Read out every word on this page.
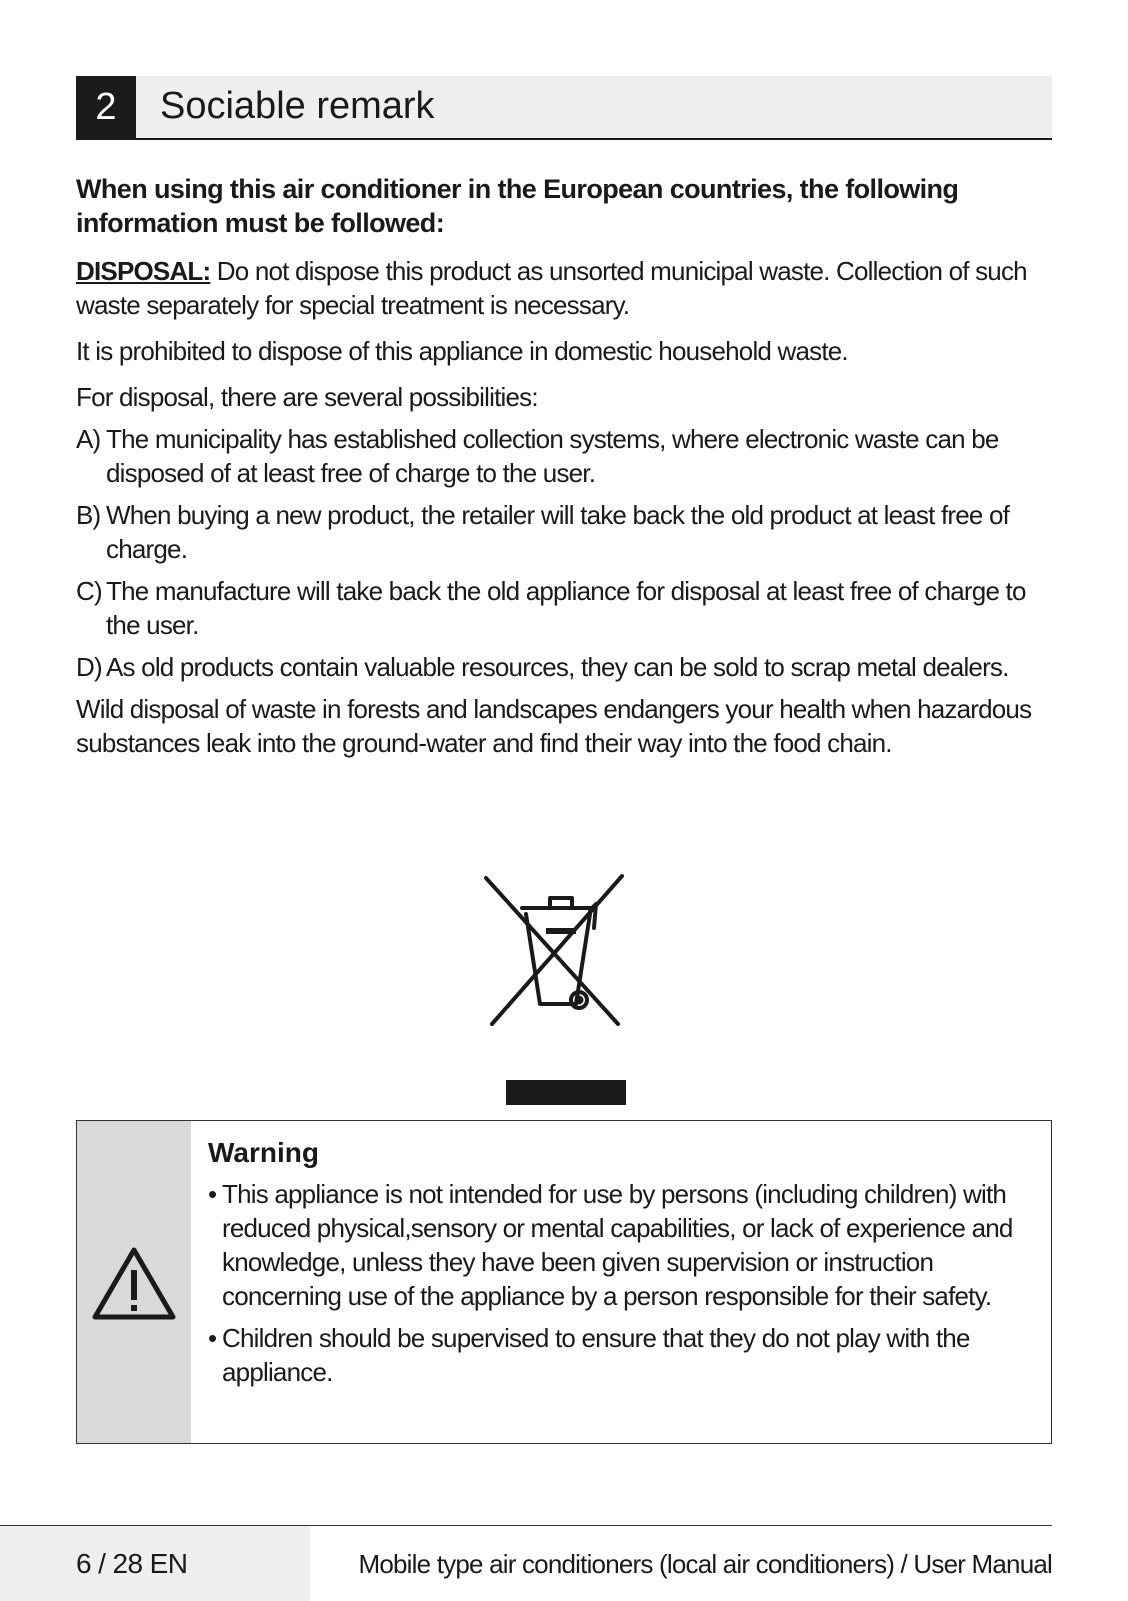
2	Sociable remark

When using this air conditioner in the European countries, the following information must be followed:

DISPOSAL: Do not dispose this product as unsorted municipal waste. Collection of such waste separately for special treatment is necessary.

It is prohibited to dispose of this appliance in domestic household waste.

For disposal, there are several possibilities:

A) The municipality has established collection systems, where electronic waste can be disposed of at least free of charge to the user.
B) When buying a new product, the retailer will take back the old product at least free of charge.
C) The manufacture will take back the old appliance for disposal at least free of charge to the user.
D) As old products contain valuable resources, they can be sold to scrap metal dealers.

Wild disposal of waste in forests and landscapes endangers your health when hazardous substances leak into the ground-water and find their way into the food chain.

Warning
• This appliance is not intended for use by persons (including children) with reduced physical,sensory or mental capabilities, or lack of experience and knowledge, unless they have been given supervision or instruction concerning use of the appliance by a person responsible for their safety.
• Children should be supervised to ensure that they do not play with the appliance.
6 / 28 EN	Mobile type air conditioners (local air conditioners) / User Manual
